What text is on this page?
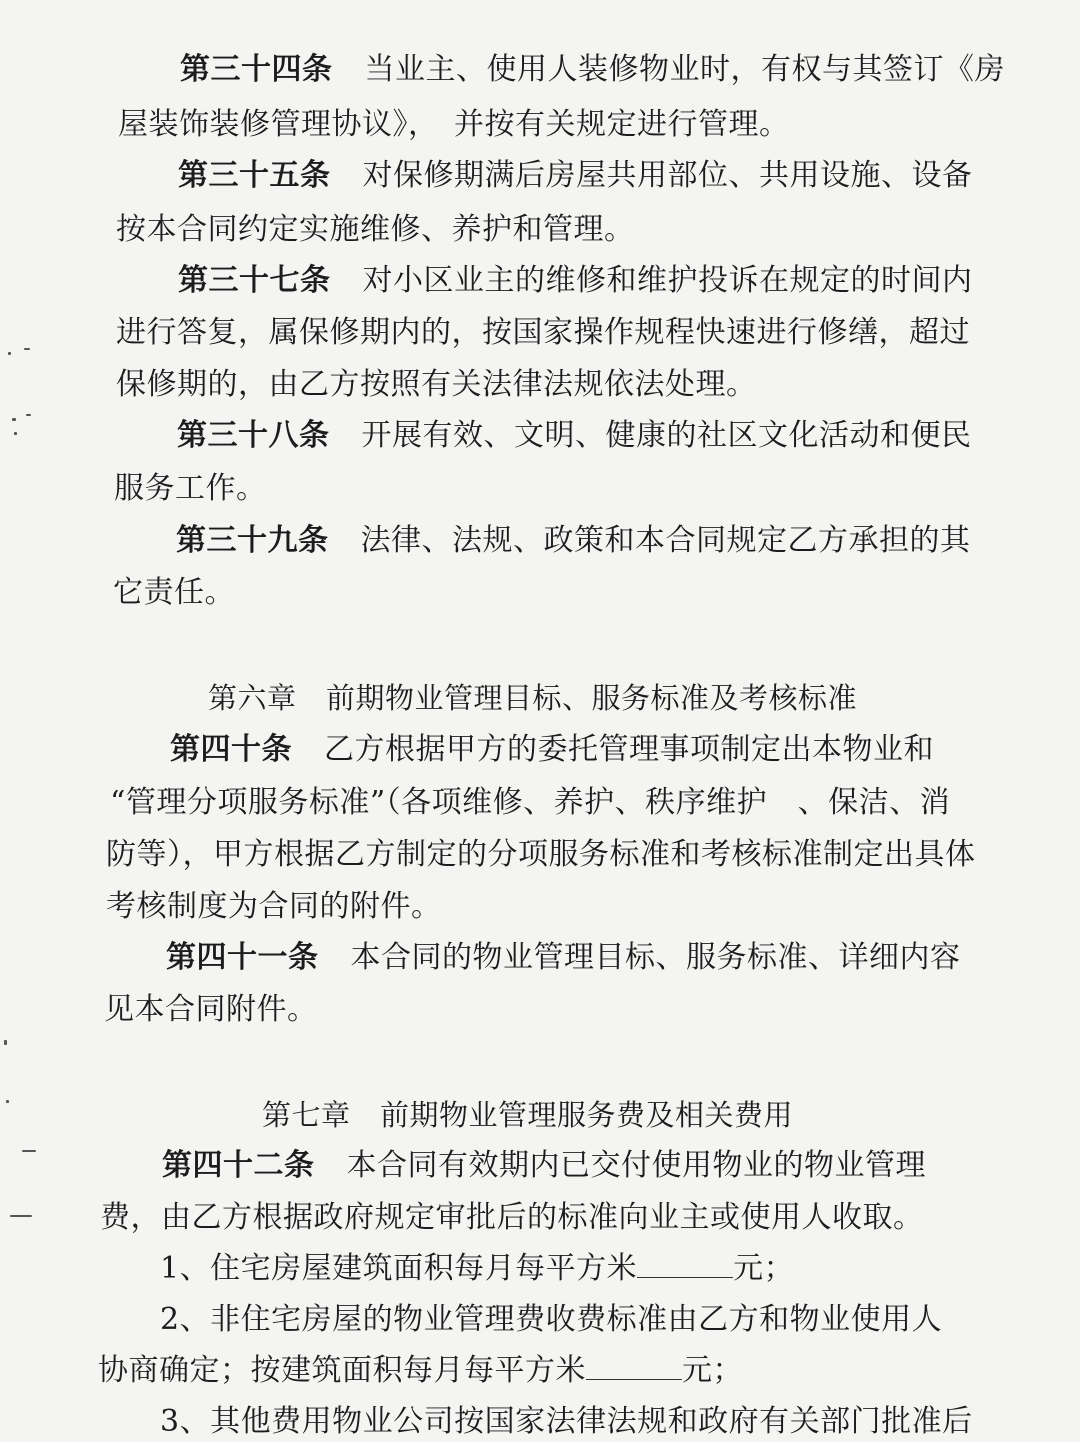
第三十四条 当业主、使用人装修物业时，有权与其签订《房
屋装饰装修管理协议》，　并按有关规定进行管理。
第三十五条 对保修期满后房屋共用部位、共用设施、设备
按本合同约定实施维修、养护和管理。
第三十七条 对小区业主的维修和维护投诉在规定的时间内
进行答复，属保修期内的，按国家操作规程快速进行修缮，超过
保修期的，由乙方按照有关法律法规依法处理。
第三十八条 开展有效、文明、健康的社区文化活动和便民
服务工作。
第三十九条 法律、法规、政策和本合同规定乙方承担的其
它责任。
第六章　前期物业管理目标、服务标准及考核标准
第四十条 乙方根据甲方的委托管理事项制定出本物业和
“管理分项服务标准”（各项维修、养护、秩序维护　、保洁、消
防等），甲方根据乙方制定的分项服务标准和考核标准制定出具体
考核制度为合同的附件。
第四十一条 本合同的物业管理目标、服务标准、详细内容
见本合同附件。
第七章　前期物业管理服务费及相关费用
第四十二条 本合同有效期内已交付使用物业的物业管理
费，由乙方根据政府规定审批后的标准向业主或使用人收取。
1、住宅房屋建筑面积每月每平方米	元；
2、非住宅房屋的物业管理费收费标准由乙方和物业使用人
协商确定；按建筑面积每月每平方米	元；
3、其他费用物业公司按国家法律法规和政府有关部门批准后
